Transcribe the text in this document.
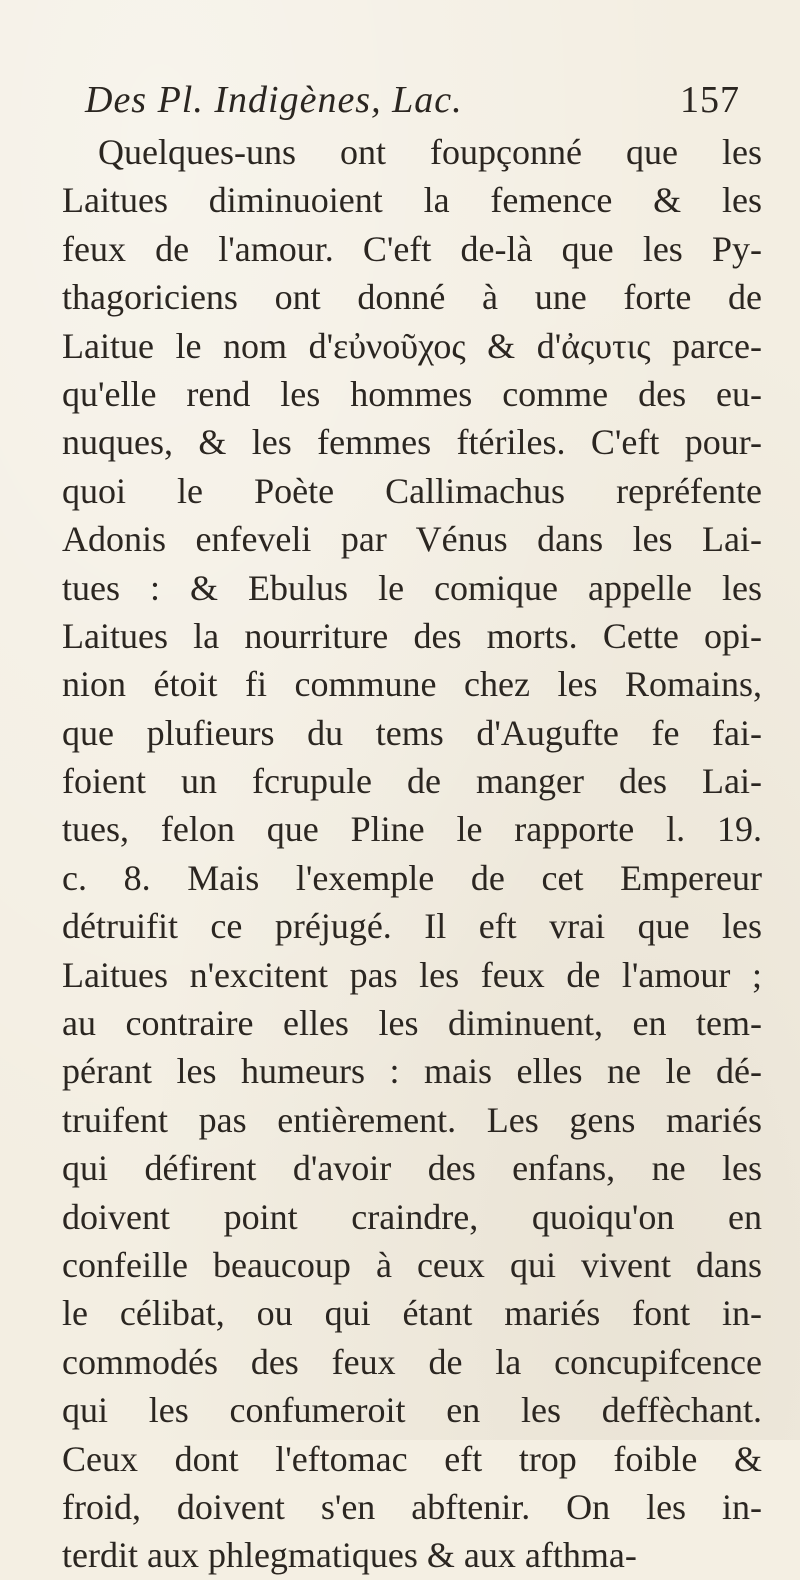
Des Pl. Indigènes, Lac.	157
Quelques-uns ont foupçonné que les
Laitues diminuoient la femence & les
feux de l'amour. C'eft de-là que les Py-
thagoriciens ont donné à une forte de
Laitue le nom d'εὐνοῦχος & d'ἀςυτις parce-
qu'elle rend les hommes comme des eu-
nuques, & les femmes ftériles. C'eft pour-
quoi le Poète Callimachus repréfente
Adonis enfeveli par Vénus dans les Lai-
tues : & Ebulus le comique appelle les
Laitues la nourriture des morts. Cette opi-
nion étoit fi commune chez les Romains,
que plufieurs du tems d'Augufte fe fai-
foient un fcrupule de manger des Lai-
tues, felon que Pline le rapporte l. 19.
c. 8. Mais l'exemple de cet Empereur
détruifit ce préjugé. Il eft vrai que les
Laitues n'excitent pas les feux de l'amour ;
au contraire elles les diminuent, en tem-
pérant les humeurs : mais elles ne le dé-
truifent pas entièrement. Les gens mariés
qui défirent d'avoir des enfans, ne les
doivent point craindre, quoiqu'on en
confeille beaucoup à ceux qui vivent dans
le célibat, ou qui étant mariés font in-
commodés des feux de la concupifcence
qui les confumeroit en les deffèchant.
Ceux dont l'eftomac eft trop foible &
froid, doivent s'en abftenir. On les in-
terdit aux phlegmatiques & aux afthma-
